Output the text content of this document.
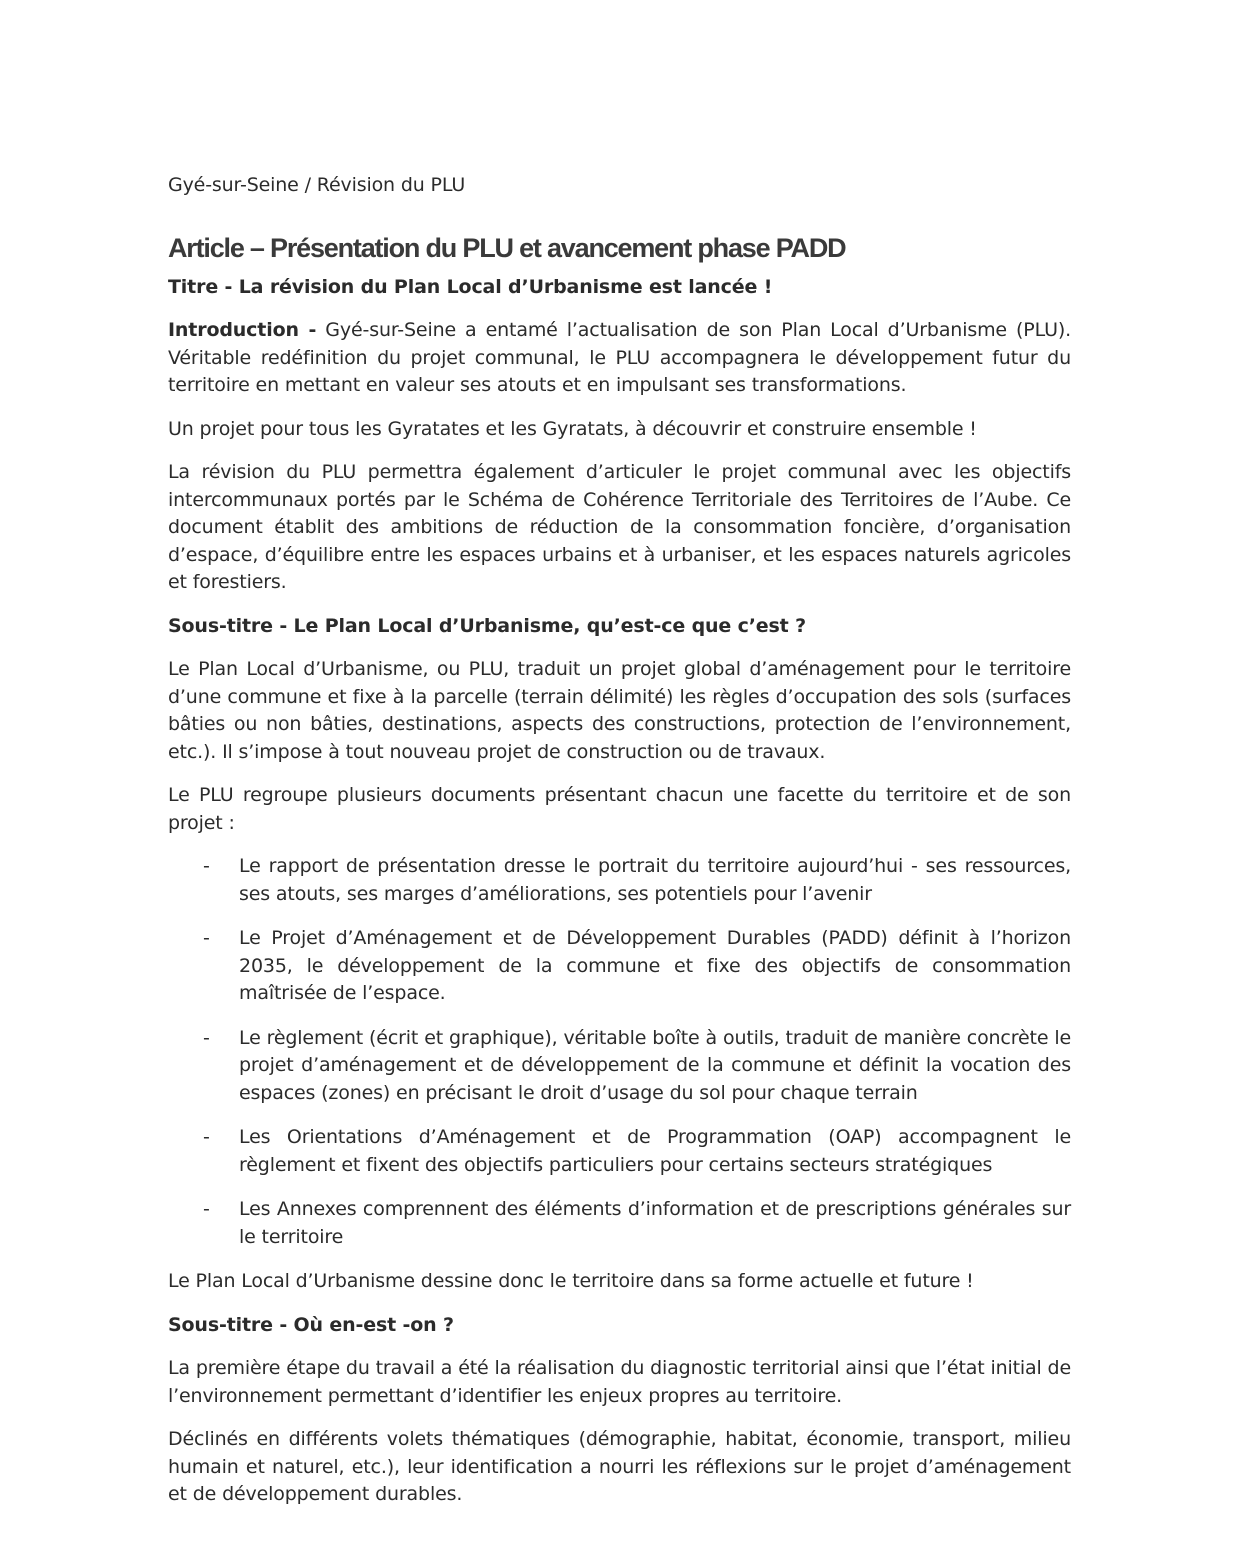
Gyé-sur-Seine / Révision du PLU
Article – Présentation du PLU et avancement phase PADD

Titre - La révision du Plan Local d’Urbanisme est lancée !

Introduction - Gyé-sur-Seine a entamé l’actualisation de son Plan Local d’Urbanisme (PLU). Véritable redéfinition du projet communal, le PLU accompagnera le développement futur du territoire en mettant en valeur ses atouts et en impulsant ses transformations.

Un projet pour tous les Gyratates et les Gyratats, à découvrir et construire ensemble !

La révision du PLU permettra également d’articuler le projet communal avec les objectifs intercommunaux portés par le Schéma de Cohérence Territoriale des Territoires de l’Aube. Ce document établit des ambitions de réduction de la consommation foncière, d’organisation d’espace, d’équilibre entre les espaces urbains et à urbaniser, et les espaces naturels agricoles et forestiers.

Sous-titre - Le Plan Local d’Urbanisme, qu’est-ce que c’est ?

Le Plan Local d’Urbanisme, ou PLU, traduit un projet global d’aménagement pour le territoire d’une commune et fixe à la parcelle (terrain délimité) les règles d’occupation des sols (surfaces bâties ou non bâties, destinations, aspects des constructions, protection de l’environnement, etc.). Il s’impose à tout nouveau projet de construction ou de travaux.

Le PLU regroupe plusieurs documents présentant chacun une facette du territoire et de son projet :

- Le rapport de présentation dresse le portrait du territoire aujourd’hui - ses ressources, ses atouts, ses marges d’améliorations, ses potentiels pour l’avenir
- Le Projet d’Aménagement et de Développement Durables (PADD) définit à l’horizon 2035, le développement de la commune et fixe des objectifs de consommation maîtrisée de l’espace.
- Le règlement (écrit et graphique), véritable boîte à outils, traduit de manière concrète le projet d’aménagement et de développement de la commune et définit la vocation des espaces (zones) en précisant le droit d’usage du sol pour chaque terrain
- Les Orientations d’Aménagement et de Programmation (OAP) accompagnent le règlement et fixent des objectifs particuliers pour certains secteurs stratégiques
- Les Annexes comprennent des éléments d’information et de prescriptions générales sur le territoire

Le Plan Local d’Urbanisme dessine donc le territoire dans sa forme actuelle et future !

Sous-titre - Où en-est -on ?

La première étape du travail a été la réalisation du diagnostic territorial ainsi que l’état initial de l’environnement permettant d’identifier les enjeux propres au territoire.

Déclinés en différents volets thématiques (démographie, habitat, économie, transport, milieu humain et naturel, etc.), leur identification a nourri les réflexions sur le projet d’aménagement et de développement durables.
